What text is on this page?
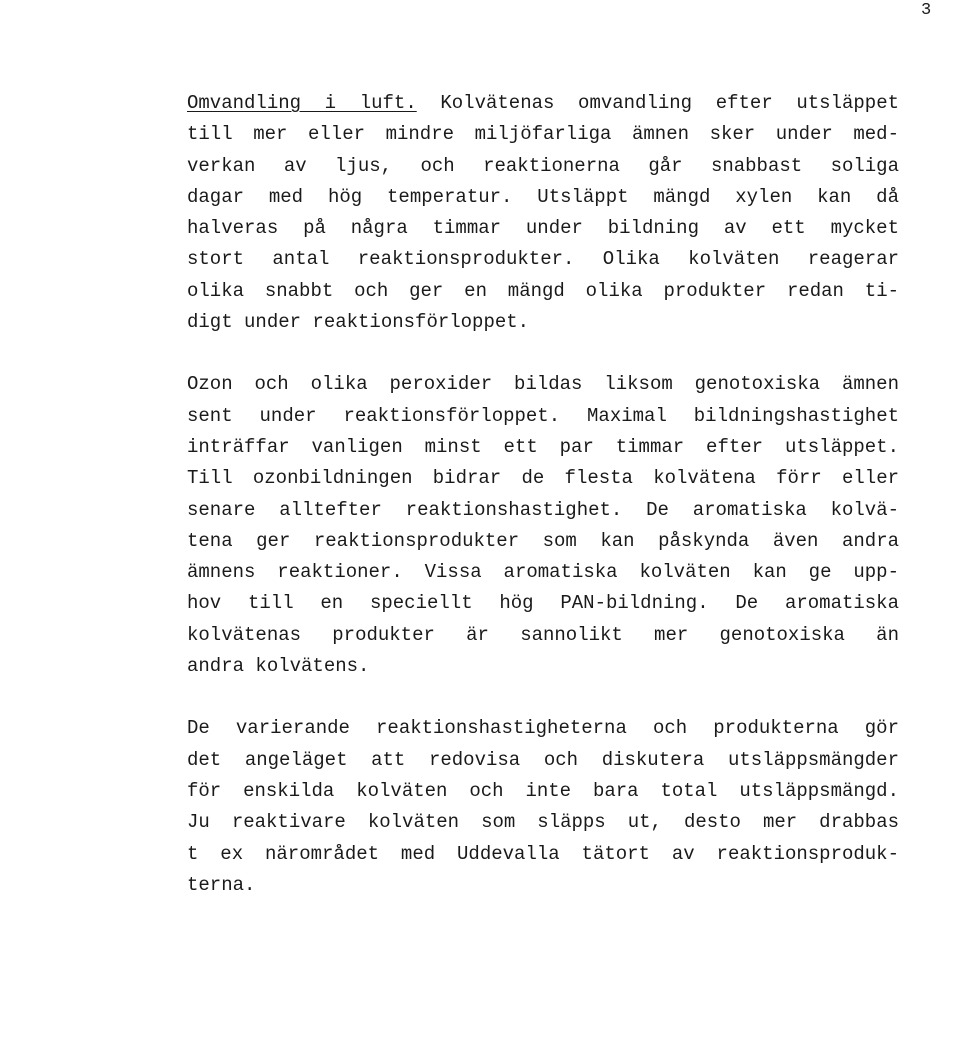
3
Omvandling i luft. Kolvätenas omvandling efter utsläppet
till mer eller mindre miljöfarliga ämnen sker under med-
verkan av ljus, och reaktionerna går snabbast soliga
dagar med hög temperatur. Utsläppt mängd xylen kan då
halveras på några timmar under bildning av ett mycket
stort antal reaktionsprodukter. Olika kolväten reagerar
olika snabbt och ger en mängd olika produkter redan ti-
digt under reaktionsförloppet.
Ozon och olika peroxider bildas liksom genotoxiska ämnen
sent under reaktionsförloppet. Maximal bildningshastighet
inträffar vanligen minst ett par timmar efter utsläppet.
Till ozonbildningen bidrar de flesta kolvätena förr eller
senare alltefter reaktionshastighet. De aromatiska kolvä-
tena ger reaktionsprodukter som kan påskynda även andra
ämnens reaktioner. Vissa aromatiska kolväten kan ge upp-
hov till en speciellt hög PAN-bildning. De aromatiska
kolvätenas produkter är sannolikt mer genotoxiska än
andra kolvätens.
De varierande reaktionshastigheterna och produkterna gör
det angeläget att redovisa och diskutera utsläppsmängder
för enskilda kolväten och inte bara total utsläppsmängd.
Ju reaktivare kolväten som släpps ut, desto mer drabbas
t ex närområdet med Uddevalla tätort av reaktionsproduk-
terna.
